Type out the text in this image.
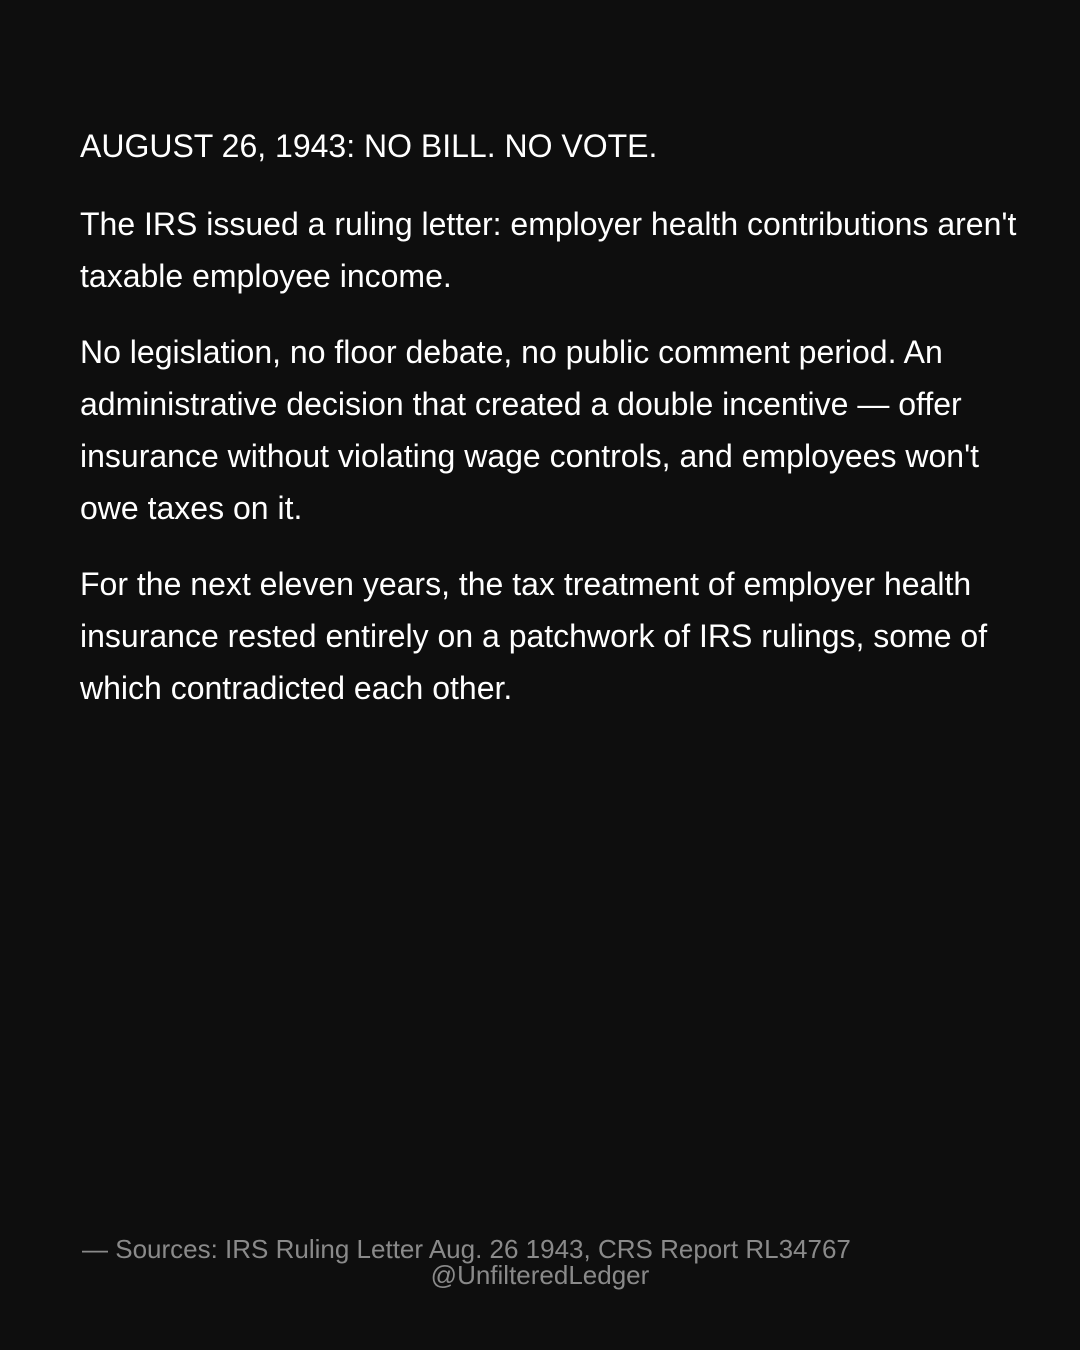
AUGUST 26, 1943: NO BILL. NO VOTE.

The IRS issued a ruling letter: employer health contributions aren't taxable employee income.

No legislation, no floor debate, no public comment period. An administrative decision that created a double incentive — offer insurance without violating wage controls, and employees won't owe taxes on it.

For the next eleven years, the tax treatment of employer health insurance rested entirely on a patchwork of IRS rulings, some of which contradicted each other.

— Sources: IRS Ruling Letter Aug. 26 1943, CRS Report RL34767
@UnfilteredLedger
